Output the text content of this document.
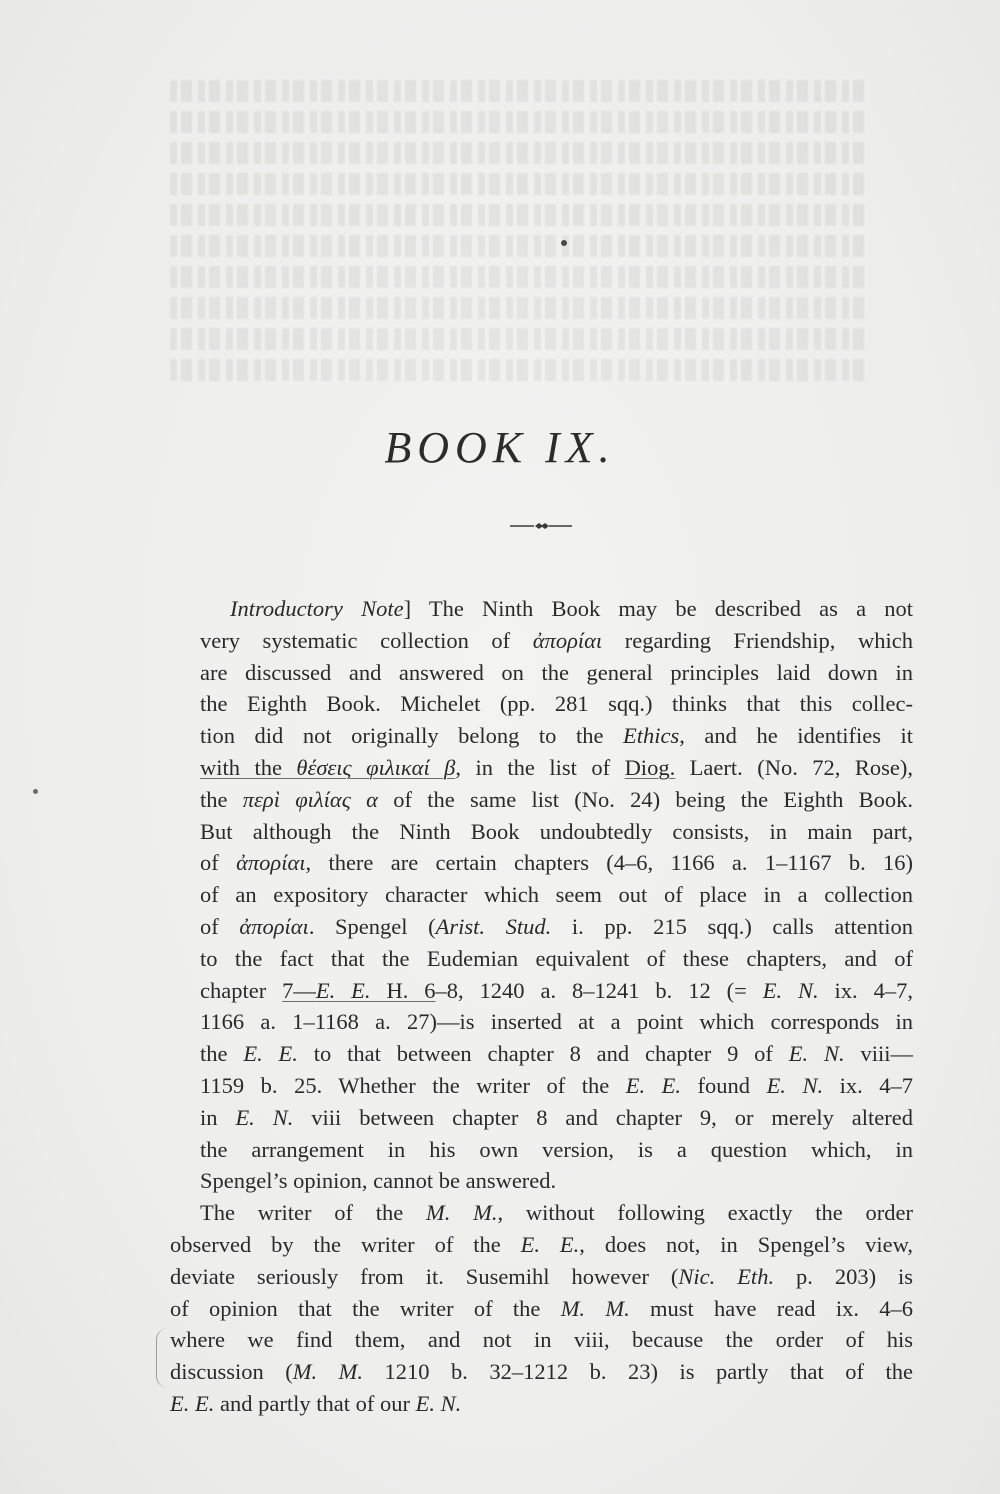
BOOK IX.

Introductory Note] The Ninth Book may be described as a not
very systematic collection of ἀπορίαι regarding Friendship, which
are discussed and answered on the general principles laid down in
the Eighth Book. Michelet (pp. 281 sqq.) thinks that this collec-
tion did not originally belong to the Ethics, and he identifies it
with the θέσεις φιλικαί β, in the list of Diog. Laert. (No. 72, Rose),
the περὶ φιλίας α of the same list (No. 24) being the Eighth Book.
But although the Ninth Book undoubtedly consists, in main part,
of ἀπορίαι, there are certain chapters (4–6, 1166 a. 1–1167 b. 16)
of an expository character which seem out of place in a collection
of ἀπορίαι. Spengel (Arist. Stud. i. pp. 215 sqq.) calls attention
to the fact that the Eudemian equivalent of these chapters, and of
chapter 7—E. E. H. 6–8, 1240 a. 8–1241 b. 12 (= E. N. ix. 4–7,
1166 a. 1–1168 a. 27)—is inserted at a point which corresponds in
the E. E. to that between chapter 8 and chapter 9 of E. N. viii—
1159 b. 25. Whether the writer of the E. E. found E. N. ix. 4–7
in E. N. viii between chapter 8 and chapter 9, or merely altered
the arrangement in his own version, is a question which, in
Spengel’s opinion, cannot be answered.

The writer of the M. M., without following exactly the order
observed by the writer of the E. E., does not, in Spengel’s view,
deviate seriously from it. Susemihl however (Nic. Eth. p. 203) is
of opinion that the writer of the M. M. must have read ix. 4–6
where we find them, and not in viii, because the order of his
discussion (M. M. 1210 b. 32–1212 b. 23) is partly that of the
E. E. and partly that of our E. N.
